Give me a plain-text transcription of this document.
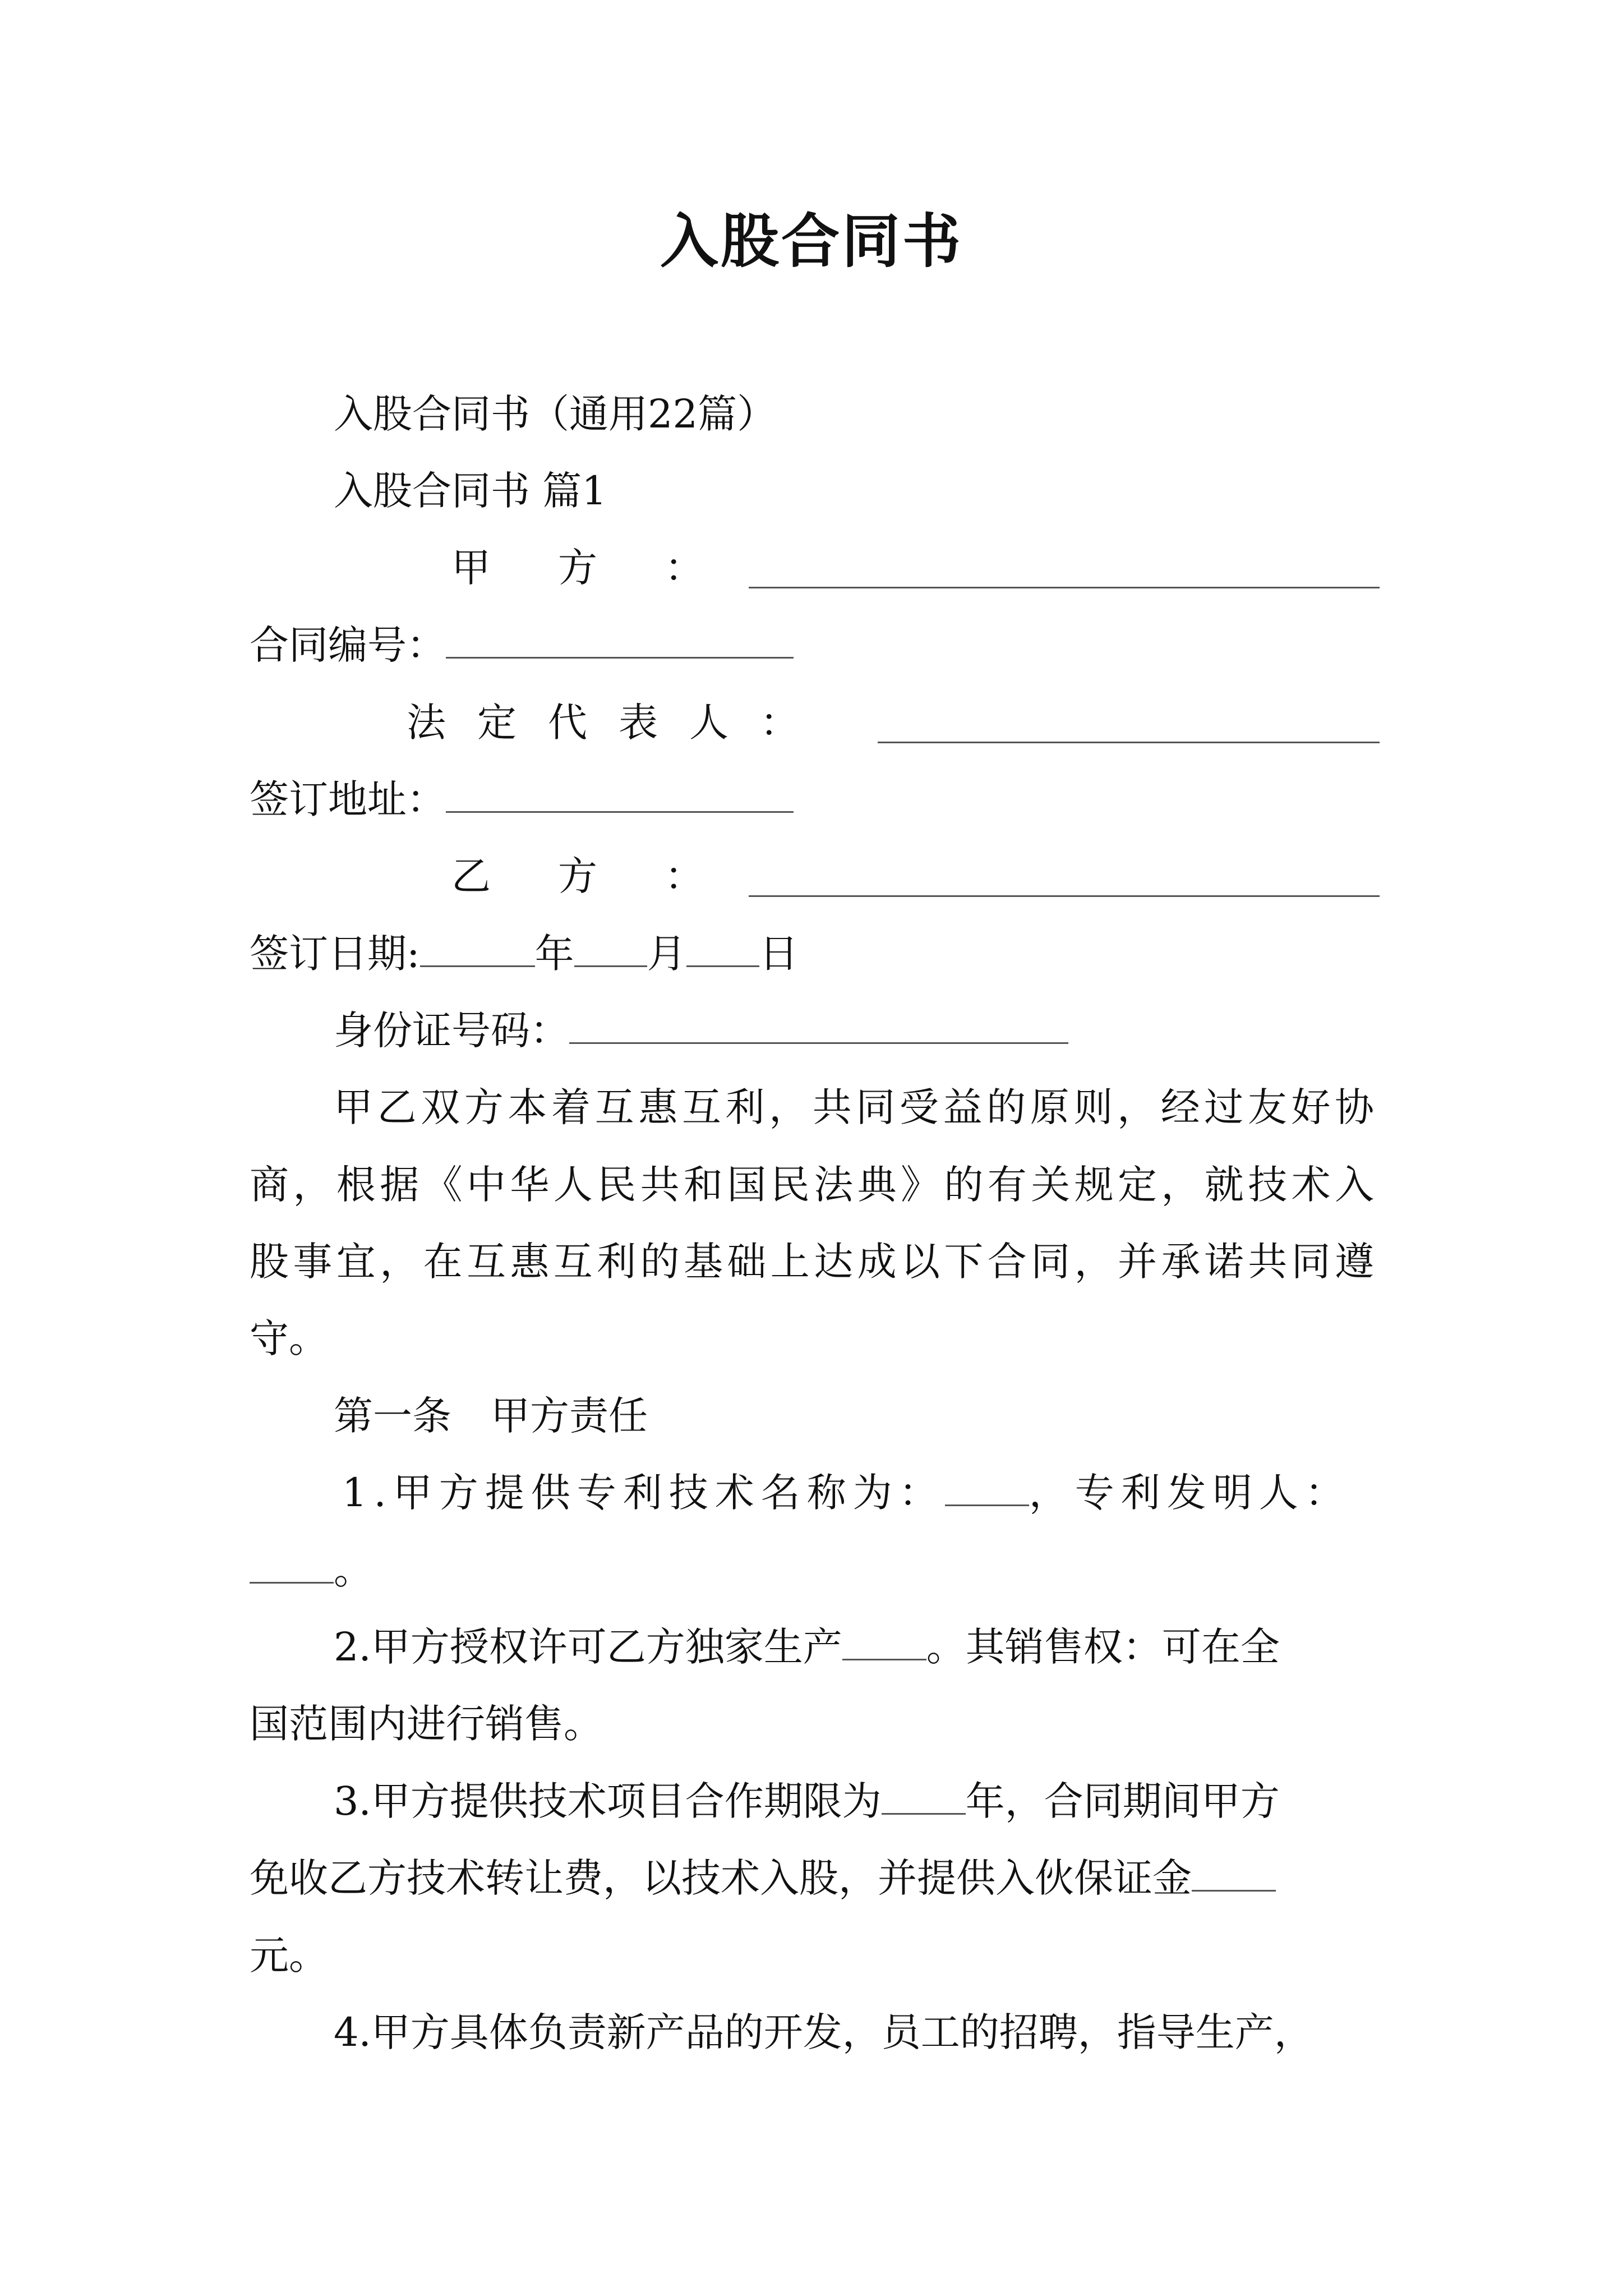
入股合同书
入股合同书（通用22篇）
入股合同书 篇1
甲 方 ：
合同编号：
法 定 代 表 人 ：
签订地址：
乙 方 ：
签订日期:	年 月 日
身份证号码：
甲乙双方本着互惠互利，共同受益的原则，经过友好协
商，根据《中华人民共和国民法典》的有关规定，就技术入
股事宜，在互惠互利的基础上达成以下合同，并承诺共同遵
守。
第一条　甲方责任
1.甲方提供专利技术名称为： ，专利发明人：
。
2.甲方授权许可乙方独家生产 。其销售权：可在全
国范围内进行销售。
3.甲方提供技术项目合作期限为 年，合同期间甲方
免收乙方技术转让费，以技术入股，并提供入伙保证金
元。
4.甲方具体负责新产品的开发，员工的招聘，指导生产，
